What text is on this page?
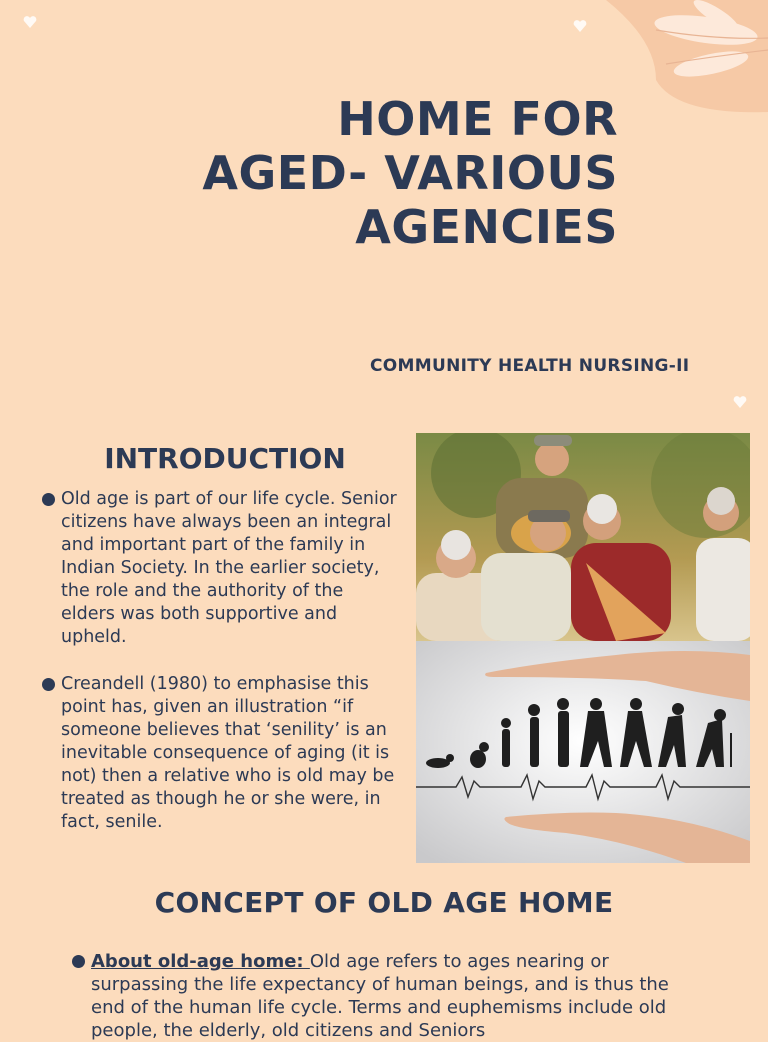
HOME FOR
AGED- VARIOUS
AGENCIES
COMMUNITY HEALTH NURSING-II
INTRODUCTION
Old age is part of our life cycle. Senior citizens have always been an integral and important part of the family in Indian Society. In the earlier society, the role and the authority of the elders was both supportive and upheld.
Creandell (1980) to emphasise this point has, given an illustration “if someone believes that ‘senility’ is an inevitable consequence of aging (it is not) then a relative who is old may be treated as though he or she were, in fact, senile.
CONCEPT OF OLD AGE HOME
About old-age home: Old age refers to ages nearing or surpassing the life expectancy of human beings, and is thus the end of the human life cycle. Terms and euphemisms include old people, the elderly, old citizens and Seniors
